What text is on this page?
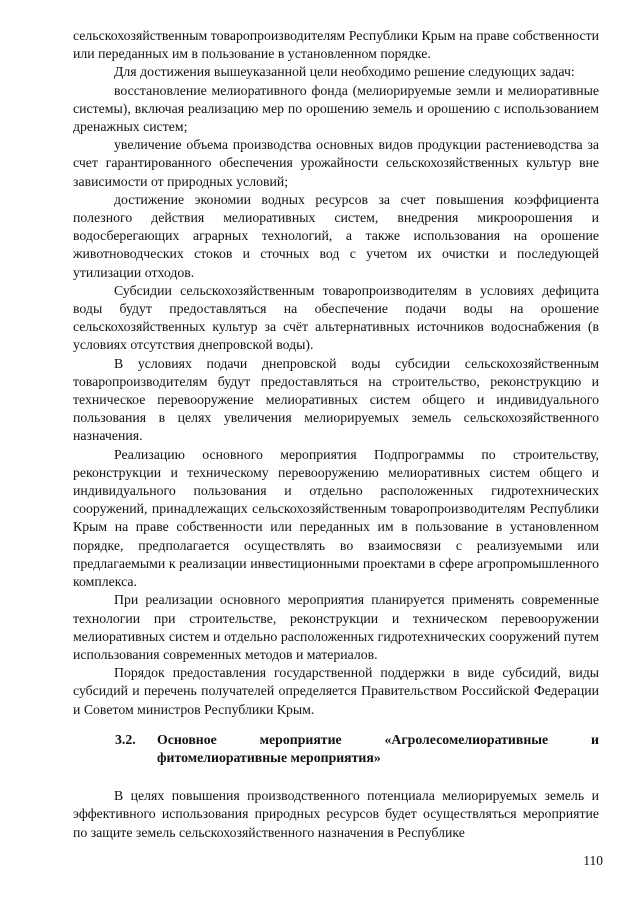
сельскохозяйственным товаропроизводителям Республики Крым на праве собственности или переданных им в пользование в установленном порядке.

Для достижения вышеуказанной цели необходимо решение следующих задач:

восстановление мелиоративного фонда (мелиорируемые земли и мелиоративные системы), включая реализацию мер по орошению земель и орошению с использованием дренажных систем;

увеличение объема производства основных видов продукции растениеводства за счет гарантированного обеспечения урожайности сельскохозяйственных культур вне зависимости от природных условий;

достижение экономии водных ресурсов за счет повышения коэффициента полезного действия мелиоративных систем, внедрения микроорошения и водосберегающих аграрных технологий, а также использования на орошение животноводческих стоков и сточных вод с учетом их очистки и последующей утилизации отходов.

Субсидии сельскохозяйственным товаропроизводителям в условиях дефицита воды будут предоставляться на обеспечение подачи воды на орошение сельскохозяйственных культур за счёт альтернативных источников водоснабжения (в условиях отсутствия днепровской воды).

В условиях подачи днепровской воды субсидии сельскохозяйственным товаропроизводителям будут предоставляться на строительство, реконструкцию и техническое перевооружение мелиоративных систем общего и индивидуального пользования в целях увеличения мелиорируемых земель сельскохозяйственного назначения.

Реализацию основного мероприятия Подпрограммы по строительству, реконструкции и техническому перевооружению мелиоративных систем общего и индивидуального пользования и отдельно расположенных гидротехнических сооружений, принадлежащих сельскохозяйственным товаропроизводителям Республики Крым на праве собственности или переданных им в пользование в установленном порядке, предполагается осуществлять во взаимосвязи с реализуемыми или предлагаемыми к реализации инвестиционными проектами в сфере агропромышленного комплекса.

При реализации основного мероприятия планируется применять современные технологии при строительстве, реконструкции и техническом перевооружении мелиоративных систем и отдельно расположенных гидротехнических сооружений путем использования современных методов и материалов.

Порядок предоставления государственной поддержки в виде субсидий, виды субсидий и перечень получателей определяется Правительством Российской Федерации и Советом министров Республики Крым.

3.2. Основное мероприятие «Агролесомелиоративные и
фитомелиоративные мероприятия»

В целях повышения производственного потенциала мелиорируемых земель и эффективного использования природных ресурсов будет осуществляться мероприятие по защите земель сельскохозяйственного назначения в Республике

110
